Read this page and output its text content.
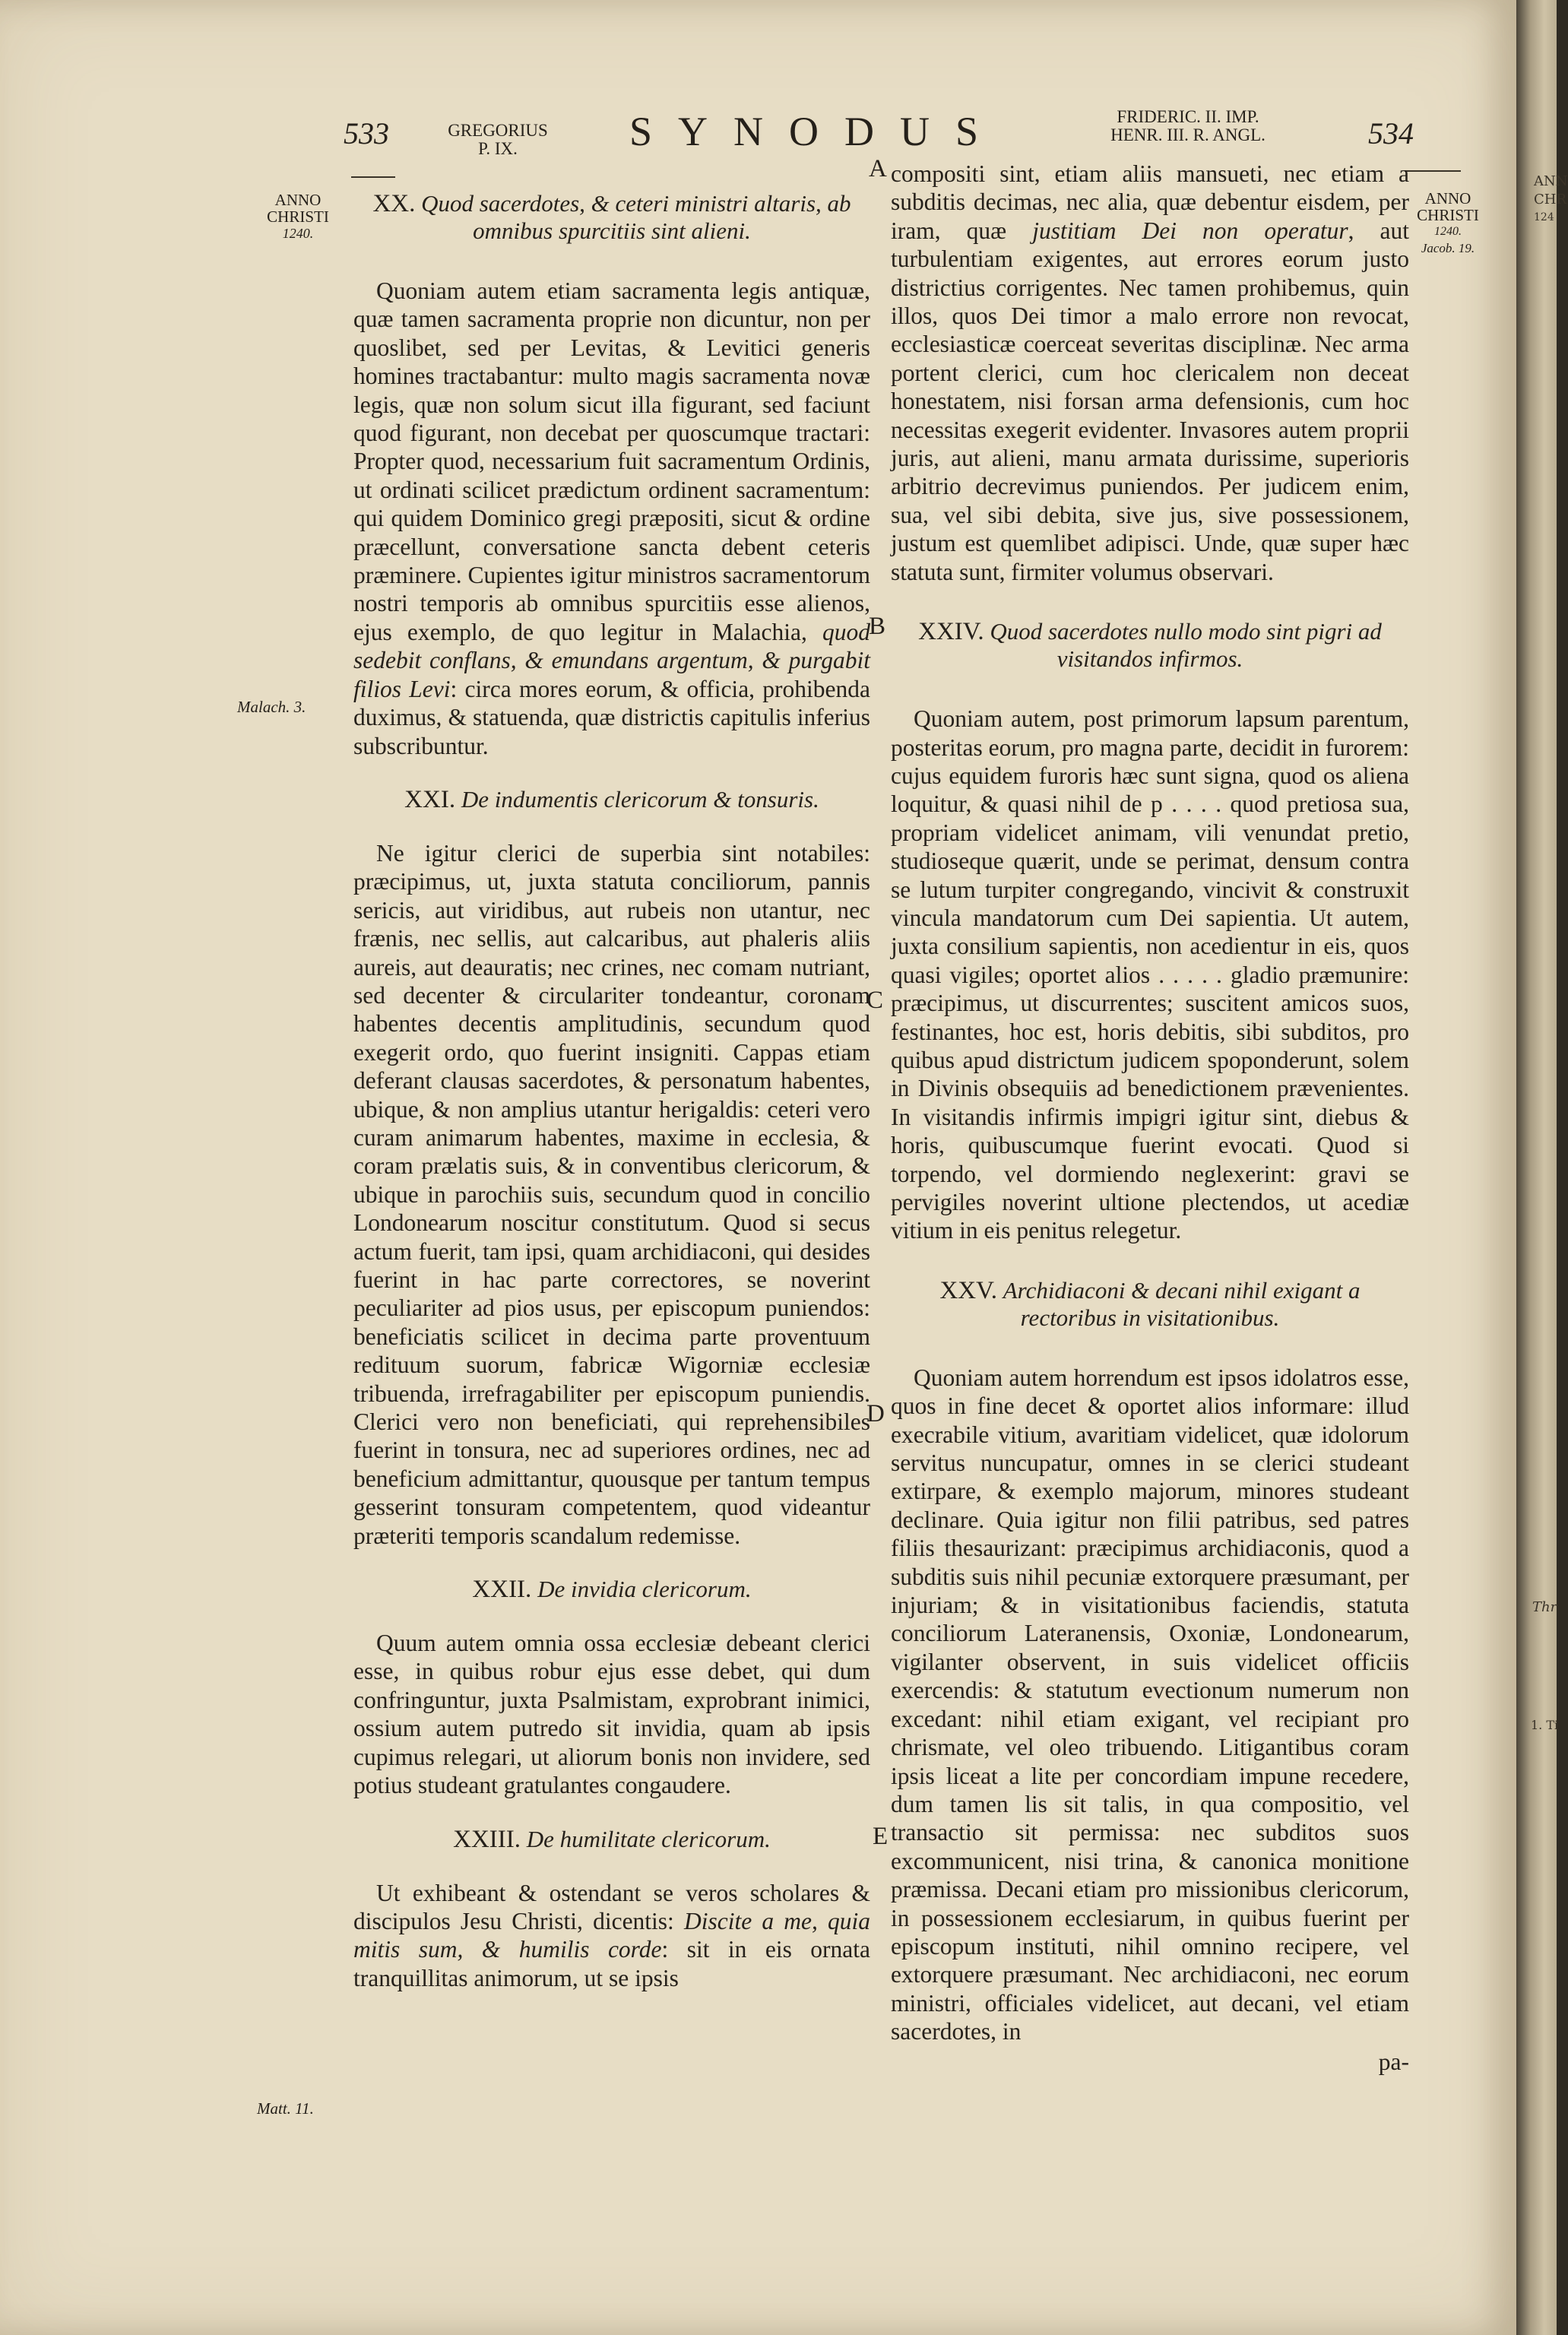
533	GREGORIUS
P. IX.	SYNODUS	FRIDERIC. II. IMP.
HENR. III. R. ANGL.	534
ANNO
CHRISTI
1240.
ANNO
CHRISTI
1240.
Jacob. 19.
Malach. 3.
Matt. 11.
A
B
C
D
E

XX. Quod sacerdotes, & ceteri ministri altaris, ab omnibus spurcitiis sint alieni.

Quoniam autem etiam sacramenta legis antiquæ, quæ tamen sacramenta proprie non dicuntur, non per quoslibet, sed per Levitas, & Levitici generis homines tractabantur: multo magis sacramenta novæ legis, quæ non solum sicut illa figurant, sed faciunt quod figurant, non decebat per quoscumque tractari: Propter quod, necessarium fuit sacramentum Ordinis, ut ordinati scilicet prædictum ordinent sacramentum: qui quidem Dominico gregi præpositi, sicut & ordine præcellunt, conversatione sancta debent ceteris præminere. Cupientes igitur ministros sacramentorum nostri temporis ab omnibus spurcitiis esse alienos, ejus exemplo, de quo legitur in Malachia, quod sedebit conflans, & emundans argentum, & purgabit filios Levi: circa mores eorum, & officia, prohibenda duximus, & statuenda, quæ districtis capitulis inferius subscribuntur.

XXI. De indumentis clericorum & tonsuris.

Ne igitur clerici de superbia sint notabiles: præcipimus, ut, juxta statuta conciliorum, pannis sericis, aut viridibus, aut rubeis non utantur, nec frænis, nec sellis, aut calcaribus, aut phaleris aliis aureis, aut deauratis; nec crines, nec comam nutriant, sed decenter & circulariter tondeantur, coronam habentes decentis amplitudinis, secundum quod exegerit ordo, quo fuerint insigniti. Cappas etiam deferant clausas sacerdotes, & personatum habentes, ubique, & non amplius utantur herigaldis: ceteri vero curam animarum habentes, maxime in ecclesia, & coram prælatis suis, & in conventibus clericorum, & ubique in parochiis suis, secundum quod in concilio Londonearum noscitur constitutum. Quod si secus actum fuerit, tam ipsi, quam archidiaconi, qui desides fuerint in hac parte correctores, se noverint peculiariter ad pios usus, per episcopum puniendos: beneficiatis scilicet in decima parte proventuum redituum suorum, fabricæ Wigorniæ ecclesiæ tribuenda, irrefragabiliter per episcopum puniendis. Clerici vero non beneficiati, qui reprehensibiles fuerint in tonsura, nec ad superiores ordines, nec ad beneficium admittantur, quousque per tantum tempus gesserint tonsuram competentem, quod videantur præteriti temporis scandalum redemisse.

XXII. De invidia clericorum.

Quum autem omnia ossa ecclesiæ debeant clerici esse, in quibus robur ejus esse debet, qui dum confringuntur, juxta Psalmistam, exprobrant inimici, ossium autem putredo sit invidia, quam ab ipsis cupimus relegari, ut aliorum bonis non invidere, sed potius studeant gratulantes congaudere.

XXIII. De humilitate clericorum.

Ut exhibeant & ostendant se veros scholares & discipulos Jesu Christi, dicentis: Discite a me, quia mitis sum, & humilis corde: sit in eis ornata tranquillitas animorum, ut se ipsis

compositi sint, etiam aliis mansueti, nec etiam a subditis decimas, nec alia, quæ debentur eisdem, per iram, quæ justitiam Dei non operatur, aut turbulentiam exigentes, aut errores eorum justo districtius corrigentes. Nec tamen prohibemus, quin illos, quos Dei timor a malo errore non revocat, ecclesiasticæ coerceat severitas disciplinæ. Nec arma portent clerici, cum hoc clericalem non deceat honestatem, nisi forsan arma defensionis, cum hoc necessitas exegerit evidenter. Invasores autem proprii juris, aut alieni, manu armata durissime, superioris arbitrio decrevimus puniendos. Per judicem enim, sua, vel sibi debita, sive jus, sive possessionem, justum est quemlibet adipisci. Unde, quæ super hæc statuta sunt, firmiter volumus observari.

XXIV. Quod sacerdotes nullo modo sint pigri ad visitandos infirmos.

Quoniam autem, post primorum lapsum parentum, posteritas eorum, pro magna parte, decidit in furorem: cujus equidem furoris hæc sunt signa, quod os aliena loquitur, & quasi nihil de p . . . . quod pretiosa sua, propriam videlicet animam, vili venundat pretio, studioseque quærit, unde se perimat, densum contra se lutum turpiter congregando, vincivit & construxit vincula mandatorum cum Dei sapientia. Ut autem, juxta consilium sapientis, non acedientur in eis, quos quasi vigiles; oportet alios . . . . . gladio præmunire: præcipimus, ut discurrentes; suscitent amicos suos, festinantes, hoc est, horis debitis, sibi subditos, pro quibus apud districtum judicem spoponderunt, solem in Divinis obsequiis ad benedictionem prævenientes. In visitandis infirmis impigri igitur sint, diebus & horis, quibuscumque fuerint evocati. Quod si torpendo, vel dormiendo neglexerint: gravi se pervigiles noverint ultione plectendos, ut acediæ vitium in eis penitus relegetur.

XXV. Archidiaconi & decani nihil exigant a rectoribus in visitationibus.

Quoniam autem horrendum est ipsos idolatros esse, quos in fine decet & oportet alios informare: illud execrabile vitium, avaritiam videlicet, quæ idolorum servitus nuncupatur, omnes in se clerici studeant extirpare, & exemplo majorum, minores studeant declinare. Quia igitur non filii patribus, sed patres filiis thesaurizant: præcipimus archidiaconis, quod a subditis suis nihil pecuniæ extorquere præsumant, per injuriam; & in visitationibus faciendis, statuta conciliorum Lateranensis, Oxoniæ, Londonearum, vigilanter observent, in suis videlicet officiis exercendis: & statutum evectionum numerum non excedant: nihil etiam exigant, vel recipiant pro chrismate, vel oleo tribuendo. Litigantibus coram ipsis liceat a lite per concordiam impune recedere, dum tamen lis sit talis, in qua compositio, vel transactio sit permissa: nec subditos suos excommunicent, nisi trina, & canonica monitione præmissa. Decani etiam pro missionibus clericorum, in possessionem ecclesiarum, in quibus fuerint per episcopum instituti, nihil omnino recipere, vel extorquere præsumant. Nec archidiaconi, nec eorum ministri, officiales videlicet, aut decani, vel etiam sacerdotes, in

pa-

ANN
CHR
124
Thr
1. Ti
